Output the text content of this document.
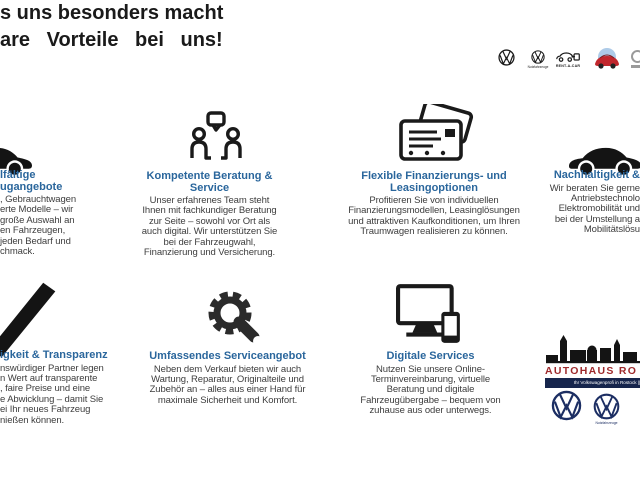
s uns besonders macht
are Vorteile bei uns!
Nutzfahrzeuge	RENT-A-CAR
lfältige
ugangebote
, Gebrauchtwagen
erte Modelle – wir
große Auswahl an
en Fahrzeugen,
jeden Bedarf und
chmack.
Kompetente Beratung &
Service
Unser erfahrenes Team steht
Ihnen mit fachkundiger Beratung
zur Seite – sowohl vor Ort als
auch digital. Wir unterstützen Sie
bei der Fahrzeugwahl,
Finanzierung und Versicherung.
Flexible Finanzierungs- und
Leasingoptionen
Profitieren Sie von individuellen
Finanzierungsmodellen, Leasinglösungen
und attraktiven Kaufkonditionen, um Ihren
Traumwagen realisieren zu können.
Nachhaltigkeit &
Wir beraten Sie gerne
Antriebstechnolo
Elektromobilität und
bei der Umstellung a
Mobilitätslösu
igkeit & Transparenz
nswürdiger Partner legen
n Wert auf transparente
, faire Preise und eine
e Abwicklung – damit Sie
ei Ihr neues Fahrzeug
nießen können.
Umfassendes Serviceangebot
Neben dem Verkauf bieten wir auch
Wartung, Reparatur, Originalteile und
Zubehör an – alles aus einer Hand für
maximale Sicherheit und Komfort.
Digitale Services
Nutzen Sie unsere Online-
Terminvereinbarung, virtuelle
Beratung und digitale
Fahrzeugübergabe – bequem von
zuhause aus oder unterwegs.
AUTOHAUS RO
Ihr Volkswagenprofi in Rostock ||
Nutzfahrzeuge
